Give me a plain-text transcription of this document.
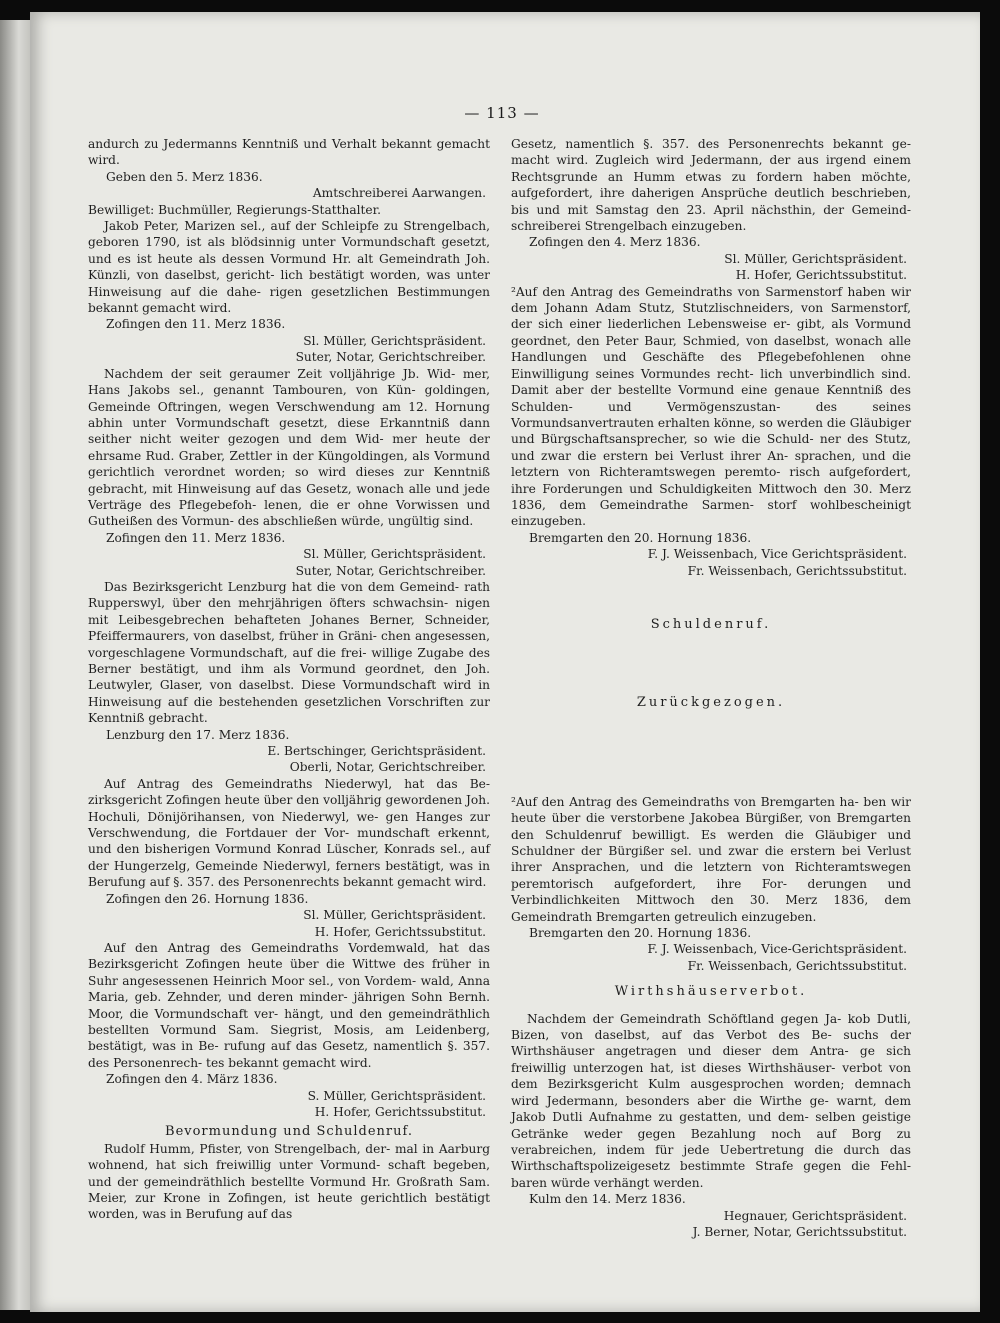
— 113 —
andurch zu Jedermanns Kenntniß und Verhalt bekannt gemacht wird.

Geben den 5. Merz 1836.

Amtschreiberei Aarwangen.

Bewilliget: Buchmüller, Regierungs-Statthalter.

Jakob Peter, Marizen sel., auf der Schleipfe zu Strengelbach, geboren 1790, ist als blödsinnig unter Vormundschaft gesetzt, und es ist heute als dessen Vormund Hr. alt Gemeindrath Joh. Künzli, von daselbst, gericht- lich bestätigt worden, was unter Hinweisung auf die dahe- rigen gesetzlichen Bestimmungen bekannt gemacht wird.

Zofingen den 11. Merz 1836.

Sl. Müller, Gerichtspräsident.

Suter, Notar, Gerichtschreiber.

Nachdem der seit geraumer Zeit volljährige Jb. Wid- mer, Hans Jakobs sel., genannt Tambouren, von Kün- goldingen, Gemeinde Oftringen, wegen Verschwendung am 12. Hornung abhin unter Vormundschaft gesetzt, diese Erkanntniß dann seither nicht weiter gezogen und dem Wid- mer heute der ehrsame Rud. Graber, Zettler in der Küngoldingen, als Vormund gerichtlich verordnet worden; so wird dieses zur Kenntniß gebracht, mit Hinweisung auf das Gesetz, wonach alle und jede Verträge des Pflegebefoh- lenen, die er ohne Vorwissen und Gutheißen des Vormun- des abschließen würde, ungültig sind.

Zofingen den 11. Merz 1836.

Sl. Müller, Gerichtspräsident.

Suter, Notar, Gerichtschreiber.

Das Bezirksgericht Lenzburg hat die von dem Gemeind- rath Rupperswyl, über den mehrjährigen öfters schwachsin- nigen mit Leibesgebrechen behafteten Johanes Berner, Schneider, Pfeiffermaurers, von daselbst, früher in Gräni- chen angesessen, vorgeschlagene Vormundschaft, auf die frei- willige Zugabe des Berner bestätigt, und ihm als Vormund geordnet, den Joh. Leutwyler, Glaser, von daselbst. Diese Vormundschaft wird in Hinweisung auf die bestehenden gesetzlichen Vorschriften zur Kenntniß gebracht.

Lenzburg den 17. Merz 1836.

E. Bertschinger, Gerichtspräsident.

Oberli, Notar, Gerichtschreiber.

Auf Antrag des Gemeindraths Niederwyl, hat das Be- zirksgericht Zofingen heute über den volljährig gewordenen Joh. Hochuli, Dönijörihansen, von Niederwyl, we- gen Hanges zur Verschwendung, die Fortdauer der Vor- mundschaft erkennt, und den bisherigen Vormund Konrad Lüscher, Konrads sel., auf der Hungerzelg, Gemeinde Niederwyl, ferners bestätigt, was in Berufung auf §. 357. des Personenrechts bekannt gemacht wird.

Zofingen den 26. Hornung 1836.

Sl. Müller, Gerichtspräsident.

H. Hofer, Gerichtssubstitut.

Auf den Antrag des Gemeindraths Vordemwald, hat das Bezirksgericht Zofingen heute über die Wittwe des früher in Suhr angesessenen Heinrich Moor sel., von Vordem- wald, Anna Maria, geb. Zehnder, und deren minder- jährigen Sohn Bernh. Moor, die Vormundschaft ver- hängt, und den gemeindräthlich bestellten Vormund Sam. Siegrist, Mosis, am Leidenberg, bestätigt, was in Be- rufung auf das Gesetz, namentlich §. 357. des Personenrech- tes bekannt gemacht wird.

Zofingen den 4. März 1836.

S. Müller, Gerichtspräsident.

H. Hofer, Gerichtssubstitut.

Bevormundung und Schuldenruf.

Rudolf Humm, Pfister, von Strengelbach, der- mal in Aarburg wohnend, hat sich freiwillig unter Vormund- schaft begeben, und der gemeindräthlich bestellte Vormund Hr. Großrath Sam. Meier, zur Krone in Zofingen, ist heute gerichtlich bestätigt worden, was in Berufung auf das
Gesetz, namentlich §. 357. des Personenrechts bekannt ge- macht wird. Zugleich wird Jedermann, der aus irgend einem Rechtsgrunde an Humm etwas zu fordern haben möchte, aufgefordert, ihre daherigen Ansprüche deutlich beschrieben, bis und mit Samstag den 23. April nächsthin, der Gemeind- schreiberei Strengelbach einzugeben.

Zofingen den 4. Merz 1836.

Sl. Müller, Gerichtspräsident.

H. Hofer, Gerichtssubstitut.

²Auf den Antrag des Gemeindraths von Sarmenstorf haben wir dem Johann Adam Stutz, Stutzlischneiders, von Sarmenstorf, der sich einer liederlichen Lebensweise er- gibt, als Vormund geordnet, den Peter Baur, Schmied, von daselbst, wonach alle Handlungen und Geschäfte des Pflegebefohlenen ohne Einwilligung seines Vormundes recht- lich unverbindlich sind. Damit aber der bestellte Vormund eine genaue Kenntniß des Schulden- und Vermögenszustan-	des seines Vormundsanvertrauten erhalten könne, so werden die Gläubiger und Bürgschaftsansprecher, so wie die Schuld- ner des Stutz, und zwar die erstern bei Verlust ihrer An- sprachen, und die letztern von Richteramtswegen peremto- risch aufgefordert, ihre Forderungen und Schuldigkeiten Mittwoch den 30. Merz 1836, dem Gemeindrathe Sarmen- storf wohlbescheinigt einzugeben.

Bremgarten den 20. Hornung 1836.

F. J. Weissenbach, Vice Gerichtspräsident.

Fr. Weissenbach, Gerichtssubstitut.

Schuldenruf.

Zurückgezogen.

²Auf den Antrag des Gemeindraths von Bremgarten ha- ben wir heute über die verstorbene Jakobea Bürgißer, von Bremgarten den Schuldenruf bewilligt. Es werden die Gläubiger und Schuldner der Bürgißer sel. und zwar die erstern bei Verlust ihrer Ansprachen, und die letztern von Richteramtswegen peremtorisch aufgefordert, ihre For- derungen und Verbindlichkeiten Mittwoch den 30. Merz 1836, dem Gemeindrath Bremgarten getreulich einzugeben.

Bremgarten den 20. Hornung 1836.

F. J. Weissenbach, Vice-Gerichtspräsident.

Fr. Weissenbach, Gerichtssubstitut.

Wirthshäuserverbot.

Nachdem der Gemeindrath Schöftland gegen Ja- kob Dutli, Bizen, von daselbst, auf das Verbot des Be- suchs der Wirthshäuser angetragen und dieser dem Antra- ge sich freiwillig unterzogen hat, ist dieses Wirthshäuser- verbot von dem Bezirksgericht Kulm ausgesprochen worden; demnach wird Jedermann, besonders aber die Wirthe ge- warnt, dem Jakob Dutli Aufnahme zu gestatten, und dem- selben geistige Getränke weder gegen Bezahlung noch auf Borg zu verabreichen, indem für jede Uebertretung die durch das Wirthschaftspolizeigesetz bestimmte Strafe gegen die Fehl- baren würde verhängt werden.

Kulm den 14. Merz 1836.

Hegnauer, Gerichtspräsident.

J. Berner, Notar, Gerichtssubstitut.
